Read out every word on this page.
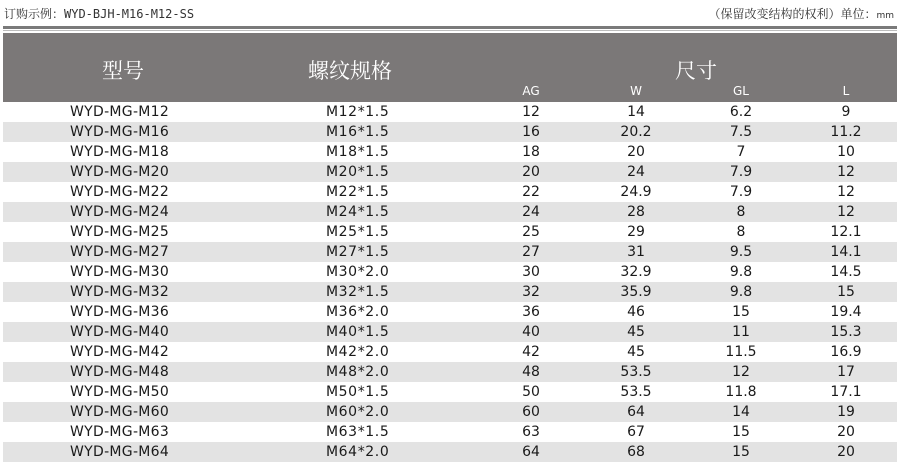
订购示例：WYD-BJH-M16-M12-SS	（保留改变结构的权利）单位：mm
型号	螺纹规格	尺寸
AG	W	GL	L
WYD-MG-M12	M12*1.5	12	14	6.2	9
WYD-MG-M16	M16*1.5	16	20.2	7.5	11.2
WYD-MG-M18	M18*1.5	18	20	7	10
WYD-MG-M20	M20*1.5	20	24	7.9	12
WYD-MG-M22	M22*1.5	22	24.9	7.9	12
WYD-MG-M24	M24*1.5	24	28	8	12
WYD-MG-M25	M25*1.5	25	29	8	12.1
WYD-MG-M27	M27*1.5	27	31	9.5	14.1
WYD-MG-M30	M30*2.0	30	32.9	9.8	14.5
WYD-MG-M32	M32*1.5	32	35.9	9.8	15
WYD-MG-M36	M36*2.0	36	46	15	19.4
WYD-MG-M40	M40*1.5	40	45	11	15.3
WYD-MG-M42	M42*2.0	42	45	11.5	16.9
WYD-MG-M48	M48*2.0	48	53.5	12	17
WYD-MG-M50	M50*1.5	50	53.5	11.8	17.1
WYD-MG-M60	M60*2.0	60	64	14	19
WYD-MG-M63	M63*1.5	63	67	15	20
WYD-MG-M64	M64*2.0	64	68	15	20
